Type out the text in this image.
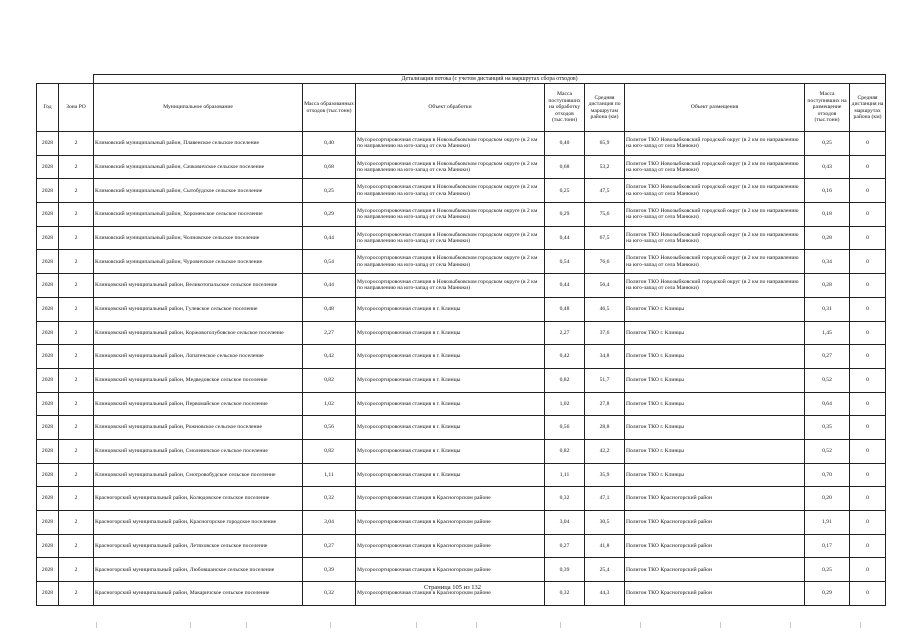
		Детализация потока (с учетом дистанций на маршрутах сбора отходов)							
Год	Зона РО	Муниципальное образование	Масса образованных отходов (тыс.тонн)	Объект обработки	Масса поступивших на обработку отходов (тыс.тонн)	Средняя дистанция по маршрутам района (км)	Объект размещения	Масса поступивших на размещение отходов (тыс.тонн)	Средняя дистанция на маршрутах района (км)
2028	2	Климовский муниципальный район, Плавенское сельское поселение	0,40	Мусоросортировочная станция в Новозыбковском городском округе (в 2 км по направлению на юго-запад от села Манюки)	0,40	65,9	Полигон ТКО Новозыбковский городской округ (в 2 км по направлению на юго-запад от села Манюки)	0,25	0
2028	2	Климовский муниципальный район, Сачковичское сельское поселение	0,68	Мусоросортировочная станция в Новозыбковском городском округе (в 2 км по направлению на юго-запад от села Манюки)	0,68	53,2	Полигон ТКО Новозыбковский городской округ (в 2 км по направлению на юго-запад от села Манюки)	0,43	0
2028	2	Климовский муниципальный район, Сытобудское сельское поселение	0,25	Мусоросортировочная станция в Новозыбковском городском округе (в 2 км по направлению на юго-запад от села Манюки)	0,25	47,5	Полигон ТКО Новозыбковский городской округ (в 2 км по направлению на юго-запад от села Манюки)	0,16	0
2028	2	Климовский муниципальный район, Хороменское сельское поселение	0,29	Мусоросортировочная станция в Новозыбковском городском округе (в 2 км по направлению на юго-запад от села Манюки)	0,29	75,6	Полигон ТКО Новозыбковский городской округ (в 2 км по направлению на юго-запад от села Манюки)	0,18	0
2028	2	Климовский муниципальный район, Чолновское сельское поселение	0,44	Мусоросортировочная станция в Новозыбковском городском округе (в 2 км по направлению на юго-запад от села Манюки)	0,44	67,5	Полигон ТКО Новозыбковский городской округ (в 2 км по направлению на юго-запад от села Манюки)	0,28	0
2028	2	Климовский муниципальный район, Чуровичское сельское поселение	0,54	Мусоросортировочная станция в Новозыбковском городском округе (в 2 км по направлению на юго-запад от села Манюки)	0,54	76,6	Полигон ТКО Новозыбковский городской округ (в 2 км по направлению на юго-запад от села Манюки)	0,34	0
2028	2	Клинцовский муниципальный район, Великотопальское сельское поселение	0,44	Мусоросортировочная станция в Новозыбковском городском округе (в 2 км по направлению на юго-запад от села Манюки)	0,44	56,4	Полигон ТКО Новозыбковский городской округ (в 2 км по направлению на юго-запад от села Манюки)	0,28	0
2028	2	Клинцовский муниципальный район, Гулевское сельское поселение	0,48	Мусоросортировочная станция в г. Клинцы	0,48	46,5	Полигон ТКО г. Клинцы	0,31	0
2028	2	Клинцовский муниципальный район, Коржовоголубовское сельское поселение	2,27	Мусоросортировочная станция в г. Клинцы	2,27	37,6	Полигон ТКО г. Клинцы	1,45	0
2028	2	Клинцовский муниципальный район, Лопатенское сельское поселение	0,42	Мусоросортировочная станция в г. Клинцы	0,42	34,8	Полигон ТКО г. Клинцы	0,27	0
2028	2	Клинцовский муниципальный район, Медведовское сельское поселение	0,82	Мусоросортировочная станция в г. Клинцы	0,82	51,7	Полигон ТКО г. Клинцы	0,52	0
2028	2	Клинцовский муниципальный район, Первомайское сельское поселение	1,02	Мусоросортировочная станция в г. Клинцы	1,02	27,8	Полигон ТКО г. Клинцы	0,64	0
2028	2	Клинцовский муниципальный район, Рожновское сельское поселение	0,56	Мусоросортировочная станция в г. Клинцы	0,56	28,8	Полигон ТКО г. Клинцы	0,35	0
2028	2	Клинцовский муниципальный район, Смолевичское сельское поселение	0,82	Мусоросортировочная станция в г. Клинцы	0,82	42,2	Полигон ТКО г. Клинцы	0,52	0
2028	2	Клинцовский муниципальный район, Смотровобудское сельское поселение	1,11	Мусоросортировочная станция в г. Клинцы	1,11	35,9	Полигон ТКО г. Клинцы	0,70	0
2028	2	Красногорский муниципальный район, Колюдовское сельское поселение	0,32	Мусоросортировочная станция в Красногорском районе	0,32	47,1	Полигон ТКО Красногорский район	0,20	0
2028	2	Красногорский муниципальный район, Красногорское городское поселение	3,04	Мусоросортировочная станция в Красногорском районе	3,04	30,5	Полигон ТКО Красногорский район	1,91	0
2028	2	Красногорский муниципальный район, Летяховское сельское поселение	0,27	Мусоросортировочная станция в Красногорском районе	0,27	41,8	Полигон ТКО Красногорский район	0,17	0
2028	2	Красногорский муниципальный район, Любовшанское сельское поселение	0,39	Мусоросортировочная станция в Красногорском районе	0,39	25,4	Полигон ТКО Красногорский район	0,25	0
2028	2	Красногорский муниципальный район, Макаричское сельское поселение	0,32	Мусоросортировочная станция в Красногорском районе	0,32	44,3	Полигон ТКО Красногорский район	0,29	0
Страница 105 из 132
